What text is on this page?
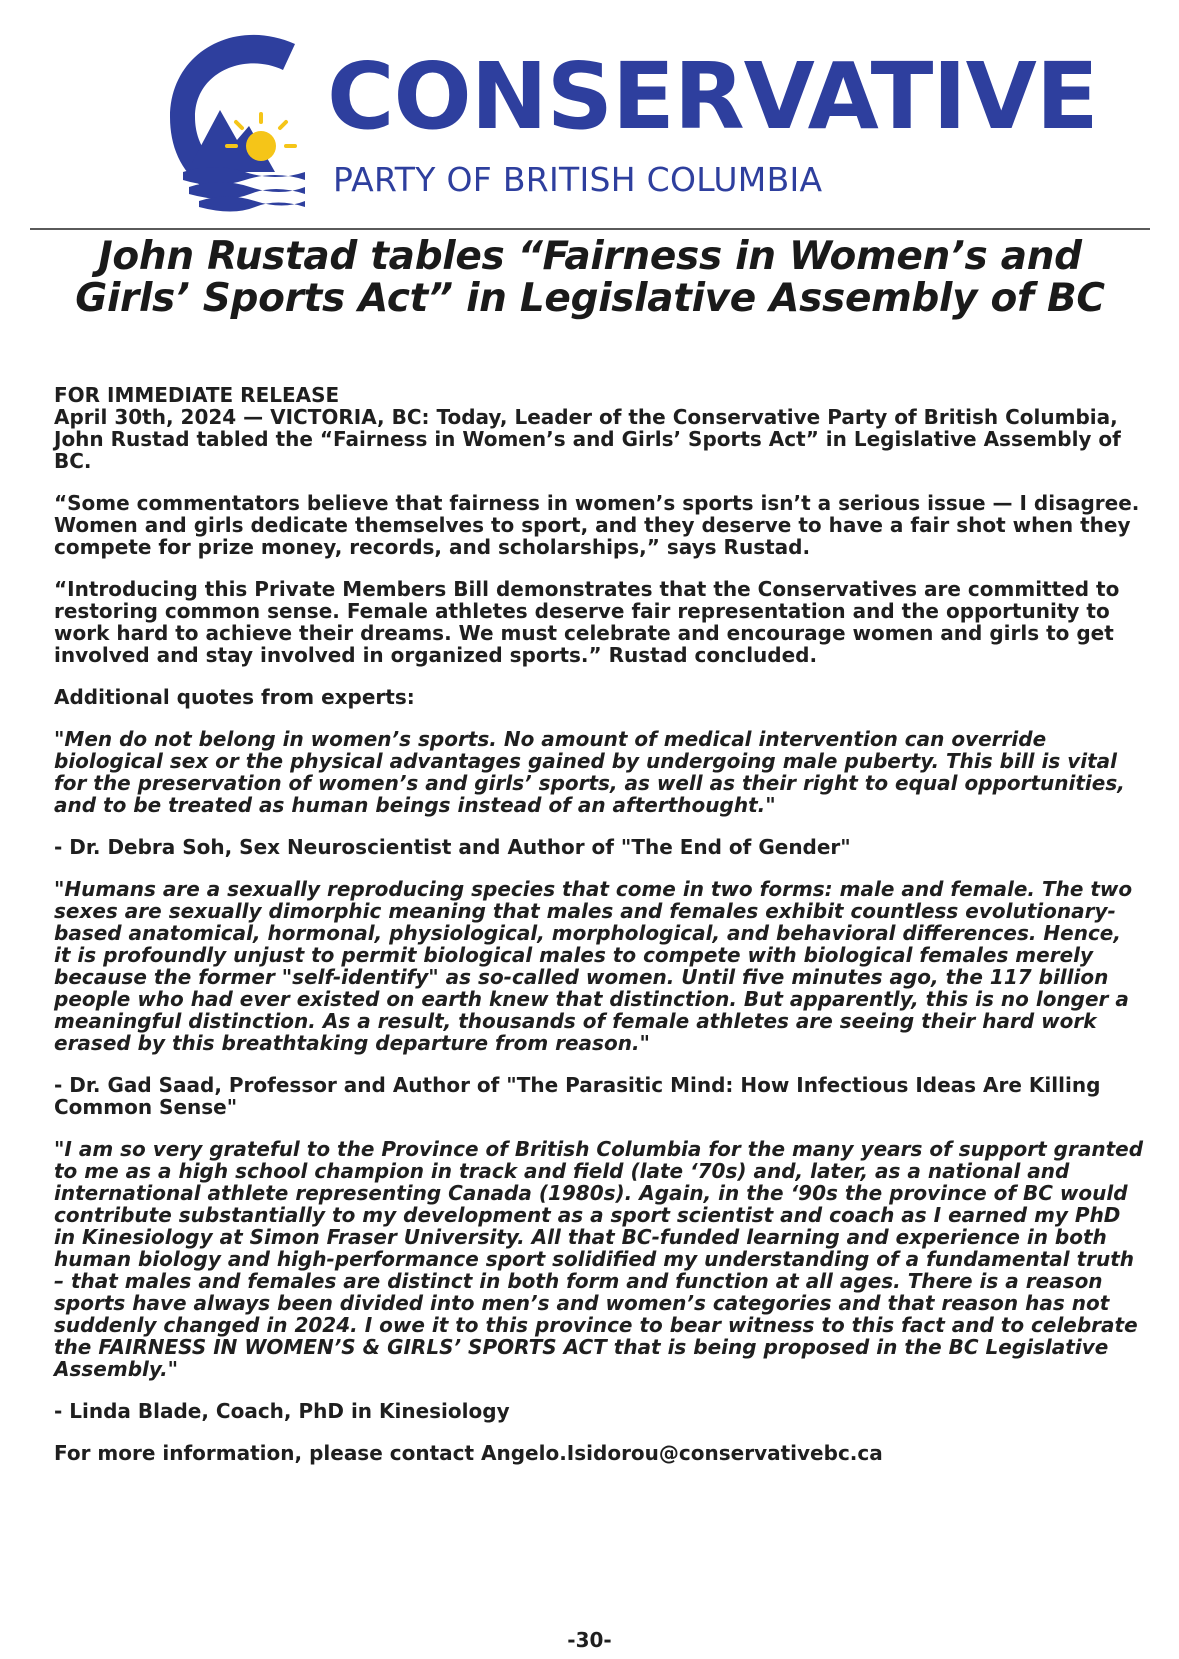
CONSERVATIVE
PARTY OF BRITISH COLUMBIA
John Rustad tables “Fairness in Women’s and Girls’ Sports Act” in Legislative Assembly of BC

FOR IMMEDIATE RELEASE

April 30th, 2024 — VICTORIA, BC: Today, Leader of the Conservative Party of British Columbia, John Rustad tabled the “Fairness in Women’s and Girls’ Sports Act” in Legislative Assembly of BC.

“Some commentators believe that fairness in women’s sports isn’t a serious issue — I disagree. Women and girls dedicate themselves to sport, and they deserve to have a fair shot when they compete for prize money, records, and scholarships,” says Rustad.

“Introducing this Private Members Bill demonstrates that the Conservatives are committed to restoring common sense. Female athletes deserve fair representation and the opportunity to work hard to achieve their dreams. We must celebrate and encourage women and girls to get involved and stay involved in organized sports.” Rustad concluded.

Additional quotes from experts:

"Men do not belong in women’s sports. No amount of medical intervention can override biological sex or the physical advantages gained by undergoing male puberty. This bill is vital for the preservation of women’s and girls’ sports, as well as their right to equal opportunities, and to be treated as human beings instead of an afterthought."

- Dr. Debra Soh, Sex Neuroscientist and Author of "The End of Gender"

"Humans are a sexually reproducing species that come in two forms: male and female. The two sexes are sexually dimorphic meaning that males and females exhibit countless evolutionary-based anatomical, hormonal, physiological, morphological, and behavioral differences. Hence, it is profoundly unjust to permit biological males to compete with biological females merely because the former "self-identify" as so-called women. Until five minutes ago, the 117 billion people who had ever existed on earth knew that distinction. But apparently, this is no longer a meaningful distinction. As a result, thousands of female athletes are seeing their hard work erased by this breathtaking departure from reason."

- Dr. Gad Saad, Professor and Author of "The Parasitic Mind: How Infectious Ideas Are Killing Common Sense"

"I am so very grateful to the Province of British Columbia for the many years of support granted to me as a high school champion in track and field (late ‘70s) and, later, as a national and international athlete representing Canada (1980s). Again, in the ‘90s the province of BC would contribute substantially to my development as a sport scientist and coach as I earned my PhD in Kinesiology at Simon Fraser University. All that BC-funded learning and experience in both human biology and high-performance sport solidified my understanding of a fundamental truth – that males and females are distinct in both form and function at all ages. There is a reason sports have always been divided into men’s and women’s categories and that reason has not suddenly changed in 2024. I owe it to this province to bear witness to this fact and to celebrate the FAIRNESS IN WOMEN’S & GIRLS’ SPORTS ACT that is being proposed in the BC Legislative Assembly."

- Linda Blade, Coach, PhD in Kinesiology

For more information, please contact Angelo.Isidorou@conservativebc.ca

-30-
